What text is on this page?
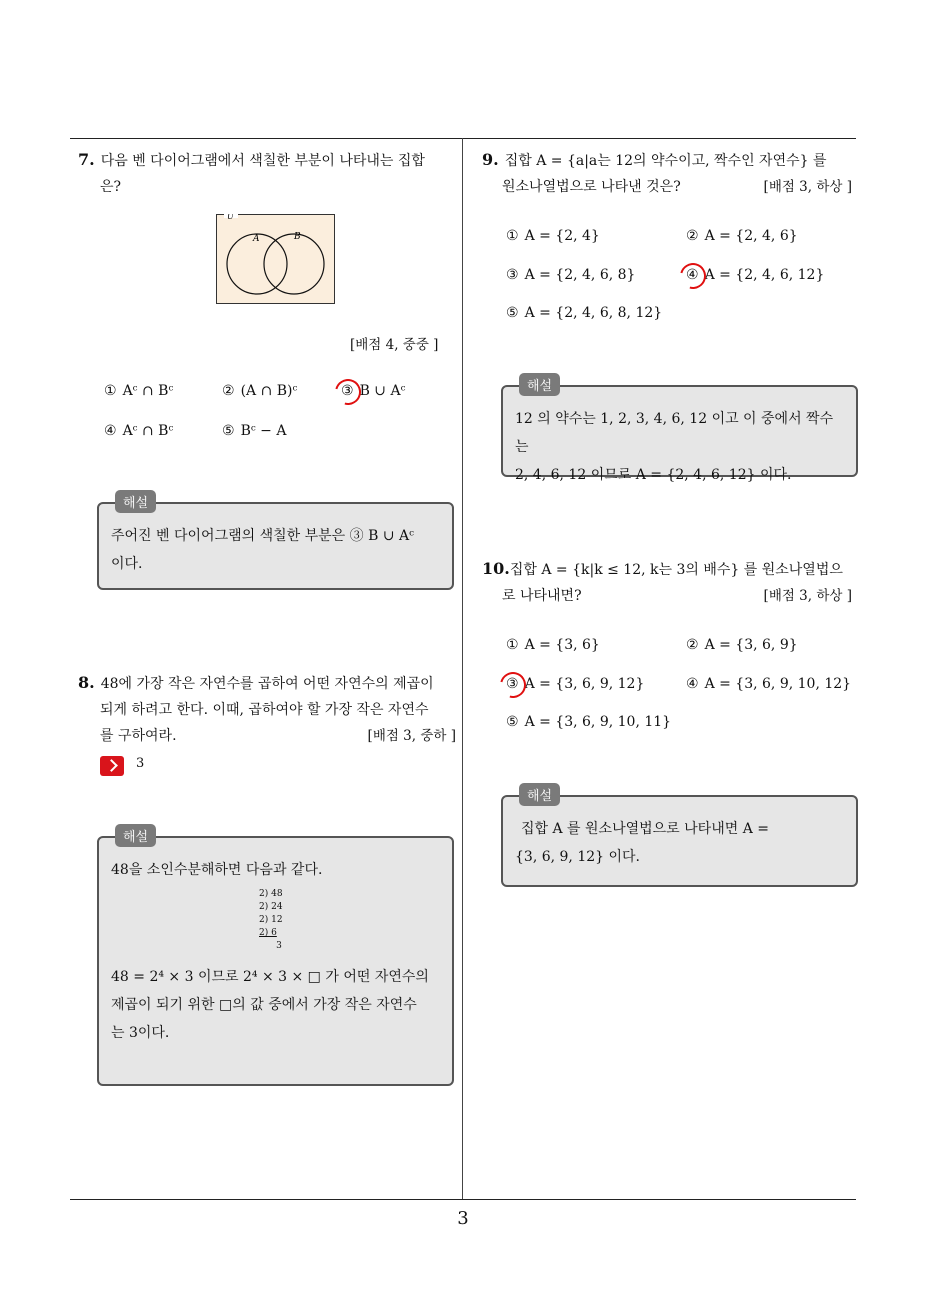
3
7. 다음 벤 다이어그램에서 색칠한 부분이 나타내는 집합
은?
U
A	B
[배점 4, 중중 ]
① Aᶜ ∩ Bᶜ	② (A ∩ B)ᶜ	③ B ∪ Aᶜ
④ Aᶜ ∩ Bᶜ	⑤ Bᶜ − A
해설
주어진 벤 다이어그램의 색칠한 부분은 ③ B ∪ Aᶜ
이다.
8. 48에 가장 작은 자연수를 곱하여 어떤 자연수의 제곱이
되게 하려고 한다. 이때, 곱하여야 할 가장 작은 자연수
를 구하여라.	[배점 3, 중하 ]
3
해설
48을 소인수분해하면 다음과 같다.
2) 48
2) 24
2) 12
2) 6
3
48 = 2⁴ × 3 이므로 2⁴ × 3 × □ 가 어떤 자연수의
제곱이 되기 위한 □의 값 중에서 가장 작은 자연수
는 3이다.
9. 집합 A = {a|a는 12의 약수이고, 짝수인 자연수} 를
원소나열법으로 나타낸 것은?	[배점 3, 하상 ]
① A = {2, 4}	② A = {2, 4, 6}
③ A = {2, 4, 6, 8}	④ A = {2, 4, 6, 12}
⑤ A = {2, 4, 6, 8, 12}
해설
12 의 약수는 1, 2, 3, 4, 6, 12 이고 이 중에서 짝수는
2, 4, 6, 12 이므로 A = {2, 4, 6, 12} 이다.
10.집합 A = {k|k ≤ 12, k는 3의 배수} 를 원소나열법으
로 나타내면?	[배점 3, 하상 ]
① A = {3, 6}	② A = {3, 6, 9}
③ A = {3, 6, 9, 12}	④ A = {3, 6, 9, 10, 12}
⑤ A = {3, 6, 9, 10, 11}
해설
집합 A 를 원소나열법으로 나타내면 A =
{3, 6, 9, 12} 이다.
